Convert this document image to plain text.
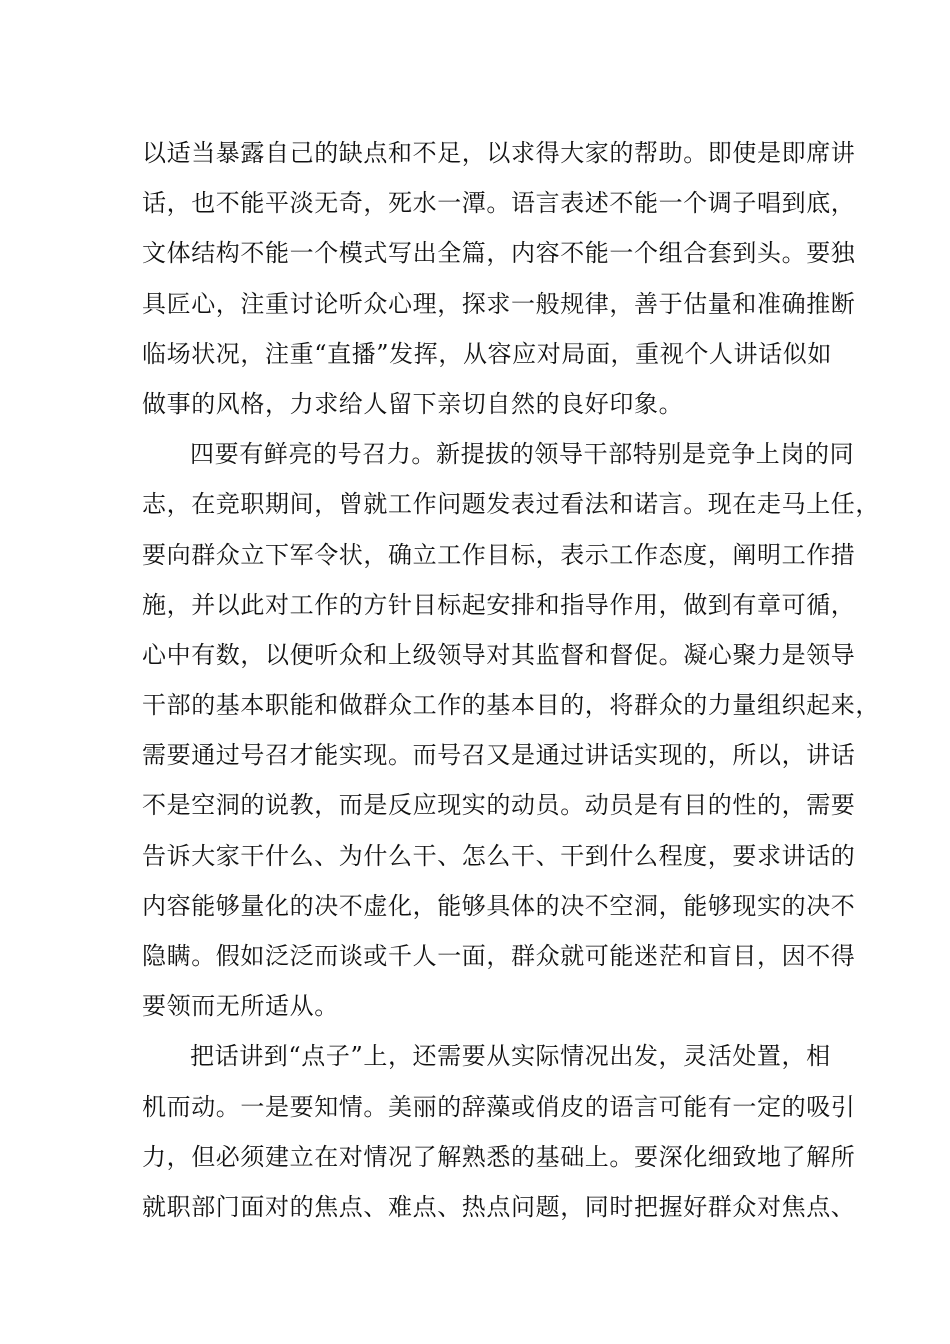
以适当暴露自己的缺点和不足，以求得大家的帮助。即使是即席讲
话，也不能平淡无奇，死水一潭。语言表述不能一个调子唱到底，
文体结构不能一个模式写出全篇，内容不能一个组合套到头。要独
具匠心，注重讨论听众心理，探求一般规律，善于估量和准确推断
临场状况，注重“直播”发挥，从容应对局面，重视个人讲话似如
做事的风格，力求给人留下亲切自然的良好印象。
四要有鲜亮的号召力。新提拔的领导干部特别是竞争上岗的同
志，在竞职期间，曾就工作问题发表过看法和诺言。现在走马上任，
要向群众立下军令状，确立工作目标，表示工作态度，阐明工作措
施，并以此对工作的方针目标起安排和指导作用，做到有章可循，
心中有数，以便听众和上级领导对其监督和督促。凝心聚力是领导
干部的基本职能和做群众工作的基本目的，将群众的力量组织起来，
需要通过号召才能实现。而号召又是通过讲话实现的，所以，讲话
不是空洞的说教，而是反应现实的动员。动员是有目的性的，需要
告诉大家干什么、为什么干、怎么干、干到什么程度，要求讲话的
内容能够量化的决不虚化，能够具体的决不空洞，能够现实的决不
隐瞒。假如泛泛而谈或千人一面，群众就可能迷茫和盲目，因不得
要领而无所适从。
把话讲到“点子”上，还需要从实际情况出发，灵活处置，相
机而动。一是要知情。美丽的辞藻或俏皮的语言可能有一定的吸引
力，但必须建立在对情况了解熟悉的基础上。要深化细致地了解所
就职部门面对的焦点、难点、热点问题，同时把握好群众对焦点、
